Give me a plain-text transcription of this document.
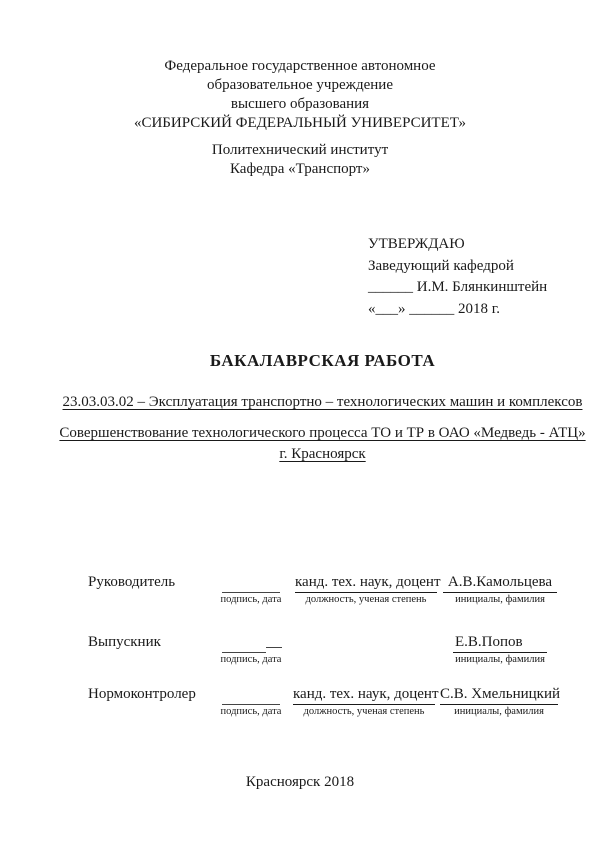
Федеральное государственное автономное
образовательное учреждение
высшего образования
«СИБИРСКИЙ ФЕДЕРАЛЬНЫЙ УНИВЕРСИТЕТ»
Политехнический институт
Кафедра «Транспорт»
УТВЕРЖДАЮ
Заведующий кафедрой
______ И.М. Блянкинштейн
«___» ______ 2018 г.
БАКАЛАВРСКАЯ РАБОТА
23.03.03.02 – Эксплуатация транспортно – технологических машин и комплексов
Совершенствование технологического процесса ТО и ТР в ОАО «Медведь - АТЦ»
г. Красноярск
Руководитель
подпись, дата
канд. тех. наук, доцент
должность, ученая степень
А.В.Камольцева
инициалы, фамилия
Выпускник
подпись, дата
Е.В.Попов
инициалы, фамилия
Нормоконтролер
подпись, дата
канд. тех. наук, доцент
должность, ученая степень
С.В. Хмельницкий
инициалы, фамилия
Красноярск 2018
